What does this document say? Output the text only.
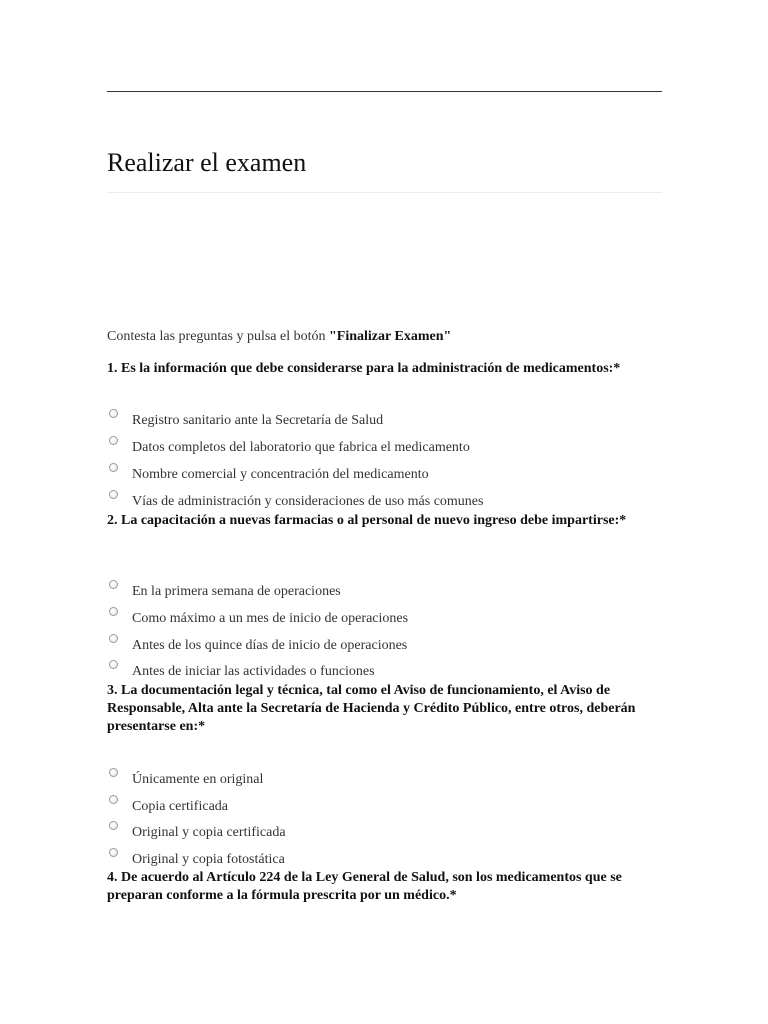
Realizar el examen
Contesta las preguntas y pulsa el botón "Finalizar Examen"
1. Es la información que debe considerarse para la administración de medicamentos:*
Registro sanitario ante la Secretaría de Salud
Datos completos del laboratorio que fabrica el medicamento
Nombre comercial y concentración del medicamento
Vías de administración y consideraciones de uso más comunes
2. La capacitación a nuevas farmacias o al personal de nuevo ingreso debe impartirse:*
En la primera semana de operaciones
Como máximo a un mes de inicio de operaciones
Antes de los quince días de inicio de operaciones
Antes de iniciar las actividades o funciones
3. La documentación legal y técnica, tal como el Aviso de funcionamiento, el Aviso de Responsable, Alta ante la Secretaría de Hacienda y Crédito Público, entre otros, deberán presentarse en:*
Únicamente en original
Copia certificada
Original y copia certificada
Original y copia fotostática
4. De acuerdo al Artículo 224 de la Ley General de Salud, son los medicamentos que se preparan conforme a la fórmula prescrita por un médico.*
